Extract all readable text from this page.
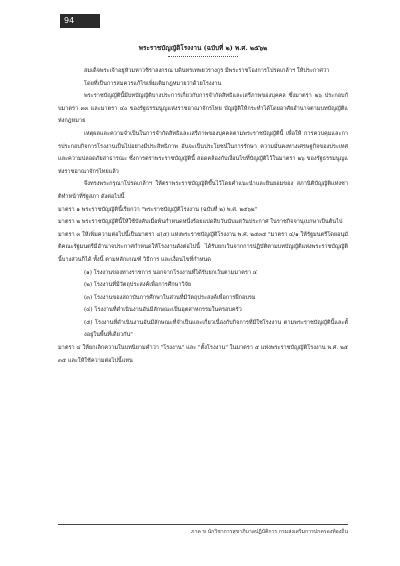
94

พระราชบัญญัติโรงงาน (ฉบับที่ ๒) พ.ศ. ๒๕๖๒

สมเด็จพระเจ้าอยู่หัวมหาวชิราลงกรณ บดินทรเทพยวรางกูร มีพระราชโองการโปรดเกล้าฯ ให้ประกาศว่า

โดยที่เป็นการสมควรแก้ไขเพิ่มเติมกฎหมายว่าด้วยโรงงาน

พระราชบัญญัตินี้มีบทบัญญัติบางประการเกี่ยวกับการจำกัดสิทธิและเสรีภาพของบุคคล ซึ่งมาตรา ๒๖ ประกอบกับมาตรา ๓๓ และมาตรา ๔๐ ของรัฐธรรมนูญแห่งราชอาณาจักรไทย บัญญัติให้กระทำได้โดยอาศัยอำนาจตามบทบัญญัติแห่งกฎหมาย

เหตุผลและความจำเป็นในการจำกัดสิทธิและเสรีภาพของบุคคลตามพระราชบัญญัตินี้ เพื่อให้ การควบคุมและการประกอบกิจการโรงงานเป็นไปอย่างมีประสิทธิภาพ อันจะเป็นประโยชน์ในการรักษา ความมั่นคงทางเศรษฐกิจของประเทศ และความปลอดภัยสาธารณะ ซึ่งการตราพระราชบัญญัตินี้ สอดคล้องกับเงื่อนไขที่บัญญัติไว้ในมาตรา ๒๖ ของรัฐธรรมนูญแห่งราชอาณาจักรไทยแล้ว

จึงทรงพระกรุณาโปรดเกล้าฯ ให้ตราพระราชบัญญัติขึ้นไว้โดยคำแนะนำและยินยอมของ สภานิติบัญญัติแห่งชาติทำหน้าที่รัฐสภา ดังต่อไปนี้

มาตรา ๑ พระราชบัญญัตินี้เรียกว่า "พระราชบัญญัติโรงงาน (ฉบับที่ ๒) พ.ศ. ๒๕๖๒"

มาตรา ๒ พระราชบัญญัตินี้ให้ใช้บังคับเมื่อพ้นกำหนดหนึ่งร้อยแปดสิบวันนับแต่วันประกาศ ในราชกิจจานุเบกษาเป็นต้นไป

มาตรา ๓ ให้เพิ่มความต่อไปนี้เป็นมาตรา ๔(๕) แห่งพระราชบัญญัติโรงงาน พ.ศ. ๒๕๓๕ "มาตรา ๔/๑ ให้รัฐมนตรีโดยอนุมัติคณะรัฐมนตรีมีอำนาจประกาศกำหนดให้โรงงานดังต่อไปนี้ ได้รับยกเว้นจากการปฏิบัติตามบทบัญญัติแห่งพระราชบัญญัตินี้บางส่วนก็ได้ ทั้งนี้ ตามหลักเกณฑ์ วิธีการ และเงื่อนไขที่กำหนด

(๑) โรงงานของทางราชการ นอกจากโรงงานที่ได้รับยกเว้นตามมาตรา ๔

(๒) โรงงานที่มีวัตถุประสงค์เพื่อการศึกษาวิจัย

(๓) โรงงานของสถาบันการศึกษาในส่วนที่มีวัตถุประสงค์เพื่อการฝึกอบรม

(๔) โรงงานที่ดำเนินงานอันมีลักษณะเป็นอุตสาหกรรมในครอบครัว

(๕) โรงงานที่ดำเนินงานอันมีลักษณะที่จำเป็นและเกี่ยวเนื่องกับกิจการที่มีใช่โรงงาน ตามพระราชบัญญัตินี้และตั้งอยู่ในพื้นที่เดียวกัน"

มาตรา ๔ ให้ยกเลิกความในบทนิยามคำว่า "โรงงาน" และ "ตั้งโรงงาน" ในมาตรา ๕ แห่งพระราชบัญญัติโรงงาน พ.ศ. ๒๕๓๕ และให้ใช้ความต่อไปนี้แทน

ภาค ข นักวิชาการสุขาภิบาลปฏิบัติการ กรมส่งเสริมการปกครองท้องถิ่น
